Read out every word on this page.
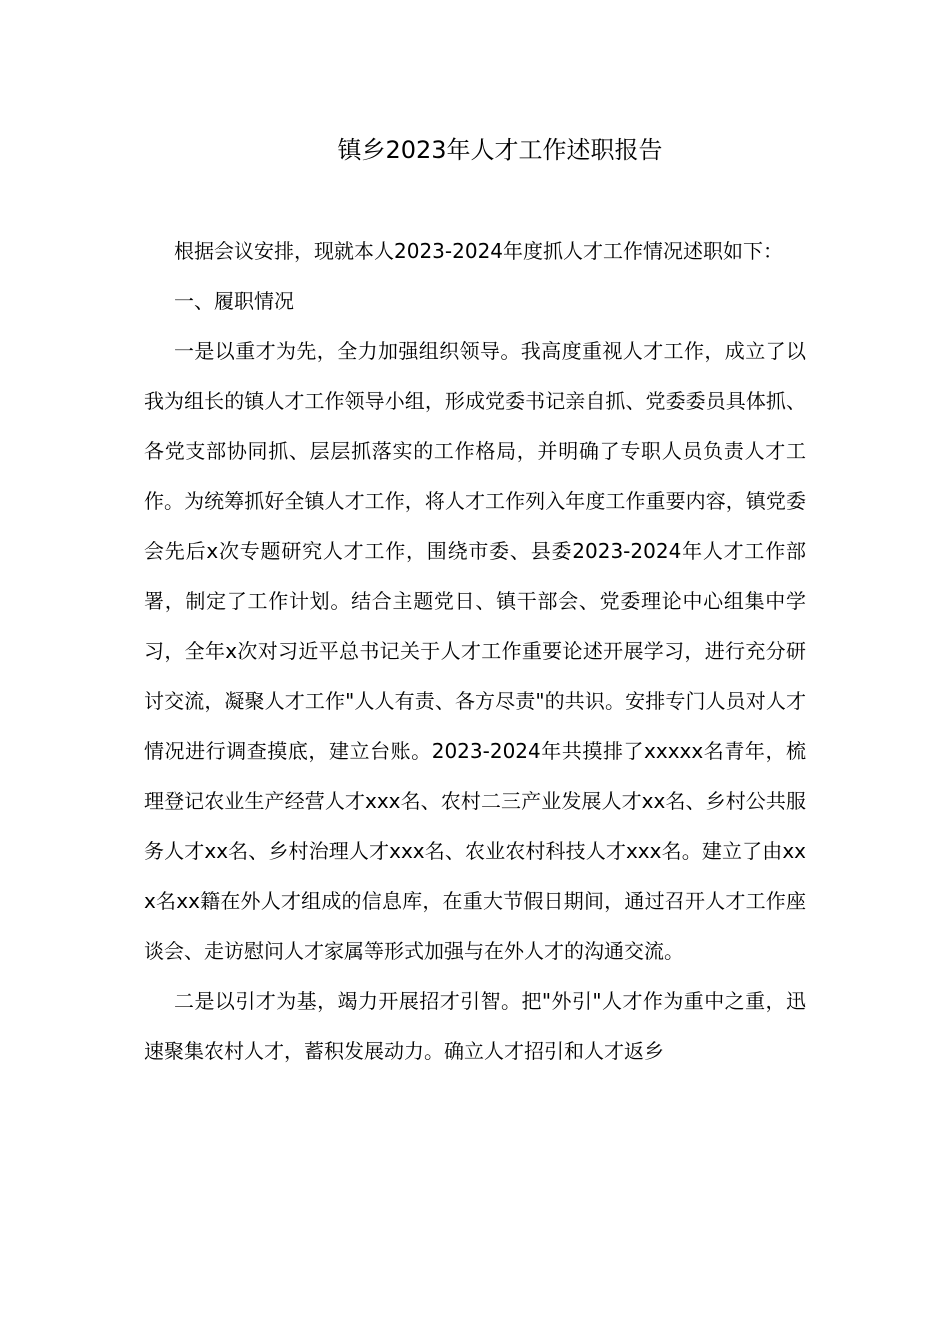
镇乡2023年人才工作述职报告

根据会议安排，现就本人2023-2024年度抓人才工作情况述职如下：

一、履职情况

一是以重才为先，全力加强组织领导。我高度重视人才工作，成立了以我为组长的镇人才工作领导小组，形成党委书记亲自抓、党委委员具体抓、各党支部协同抓、层层抓落实的工作格局，并明确了专职人员负责人才工作。为统筹抓好全镇人才工作，将人才工作列入年度工作重要内容，镇党委会先后x次专题研究人才工作，围绕市委、县委2023-2024年人才工作部署，制定了工作计划。结合主题党日、镇干部会、党委理论中心组集中学习，全年x次对习近平总书记关于人才工作重要论述开展学习，进行充分研讨交流，凝聚人才工作"人人有责、各方尽责"的共识。安排专门人员对人才情况进行调查摸底，建立台账。2023-2024年共摸排了xxxxx名青年，梳理登记农业生产经营人才xxx名、农村二三产业发展人才xx名、乡村公共服务人才xx名、乡村治理人才xxx名、农业农村科技人才xxx名。建立了由xxx名xx籍在外人才组成的信息库，在重大节假日期间，通过召开人才工作座谈会、走访慰问人才家属等形式加强与在外人才的沟通交流。

二是以引才为基，竭力开展招才引智。把"外引"人才作为重中之重，迅速聚集农村人才，蓄积发展动力。确立人才招引和人才返乡
